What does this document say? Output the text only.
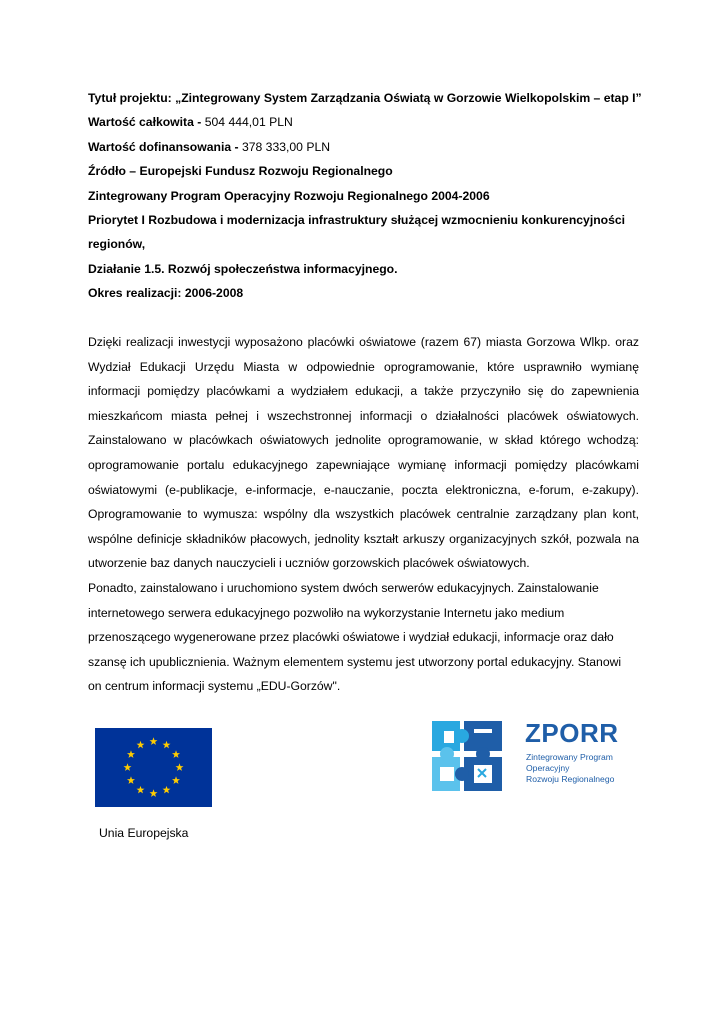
Tytuł projektu: „Zintegrowany System Zarządzania Oświatą w Gorzowie Wielkopolskim – etap I”
Wartość całkowita - 504 444,01 PLN
Wartość dofinansowania - 378 333,00 PLN
Źródło – Europejski Fundusz Rozwoju Regionalnego
Zintegrowany Program Operacyjny Rozwoju Regionalnego 2004-2006
Priorytet I Rozbudowa i modernizacja infrastruktury służącej wzmocnieniu konkurencyjności
regionów,
Działanie 1.5. Rozwój społeczeństwa informacyjnego.
Okres realizacji: 2006-2008
Dzięki realizacji inwestycji wyposażono placówki oświatowe (razem 67) miasta Gorzowa Wlkp. oraz
Wydział Edukacji Urzędu Miasta w odpowiednie oprogramowanie, które usprawniło wymianę
informacji pomiędzy placówkami a wydziałem edukacji, a także przyczyniło się do zapewnienia
mieszkańcom miasta pełnej i wszechstronnej informacji o działalności placówek oświatowych.
Zainstalowano w placówkach oświatowych jednolite oprogramowanie, w skład którego wchodzą:
oprogramowanie portalu edukacyjnego zapewniające wymianę informacji pomiędzy placówkami
oświatowymi (e-publikacje, e-informacje, e-nauczanie, poczta elektroniczna, e-forum, e-zakupy).
Oprogramowanie to wymusza: wspólny dla wszystkich placówek centralnie zarządzany plan kont,
wspólne definicje składników płacowych, jednolity kształt arkuszy organizacyjnych szkół, pozwala na
utworzenie baz danych nauczycieli i uczniów gorzowskich placówek oświatowych.
Ponadto, zainstalowano i uruchomiono system dwóch serwerów edukacyjnych. Zainstalowanie
internetowego serwera edukacyjnego pozwoliło na wykorzystanie Internetu jako medium
przenoszącego wygenerowane przez placówki oświatowe i wydział edukacji, informacje oraz dało
szansę ich upublicznienia. Ważnym elementem systemu jest utworzony portal edukacyjny. Stanowi
on centrum informacji systemu „EDU-Gorzów".
Unia Europejska
ZPORR
Zintegrowany Program
Operacyjny
Rozwoju Regionalnego
